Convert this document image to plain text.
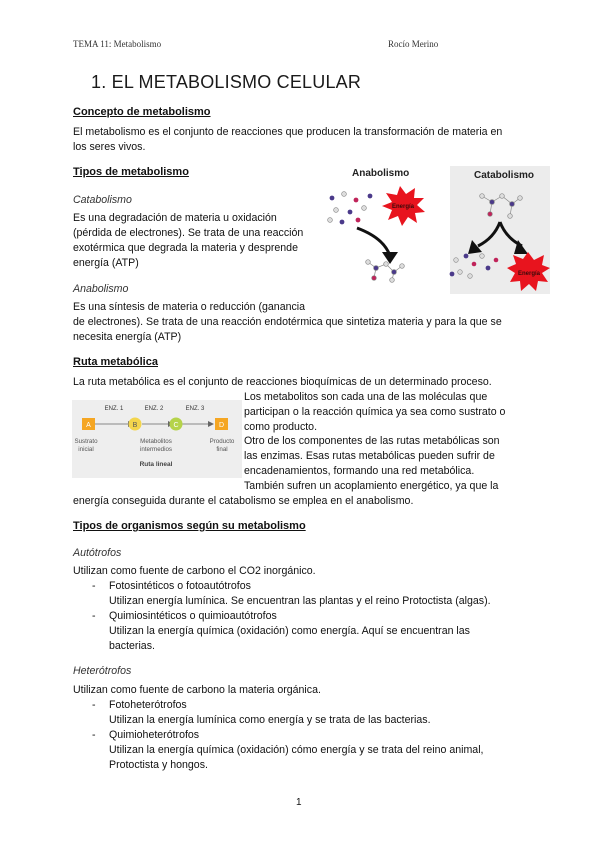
TEMA 11: Metabolismo	Rocío Merino
1. EL METABOLISMO CELULAR
Concepto de metabolismo
El metabolismo es el conjunto de reacciones que producen la transformación de materia en
los seres vivos.
Tipos de metabolismo
Catabolismo
Es una degradación de materia u oxidación
(pérdida de electrones). Se trata de una reacción
exotérmica que degrada la materia y desprende
energía (ATP)
Anabolismo
Es una síntesis de materia o reducción (ganancia
de electrones). Se trata de una reacción endotérmica que sintetiza materia y para la que se
necesita energía (ATP)
Anabolismo	Catabolismo
Energía
Energía
Ruta metabólica
La ruta metabólica es el conjunto de reacciones bioquímicas de un determinado proceso.
Los metabolitos son cada una de las moléculas que
participan o la reacción química ya sea como sustrato o
como producto.
Otro de los componentes de las rutas metabólicas son
las enzimas. Esas rutas metabólicas pueden sufrir de
encadenamientos, formando una red metabólica.
También sufren un acoplamiento energético, ya que la
energía conseguida durante el catabolismo se emplea en el anabolismo.
ENZ. 1	ENZ. 2	ENZ. 3
A	B	C	D
Sustrato
inicial
Metabolitos
intermedios
Producto
final
Ruta lineal
Tipos de organismos según su metabolismo
Autótrofos
Utilizan como fuente de carbono el CO2 inorgánico.
- Fotosintéticos o fotoautótrofos
Utilizan energía lumínica. Se encuentran las plantas y el reino Protoctista (algas).
- Quimiosintéticos o quimioautótrofos
Utilizan la energía química (oxidación) como energía. Aquí se encuentran las
bacterias.
Heterótrofos
Utilizan como fuente de carbono la materia orgánica.
- Fotoheterótrofos
Utilizan la energía lumínica como energía y se trata de las bacterias.
- Quimioheterótrofos
Utilizan la energía química (oxidación) cómo energía y se trata del reino animal,
Protoctista y hongos.
1
